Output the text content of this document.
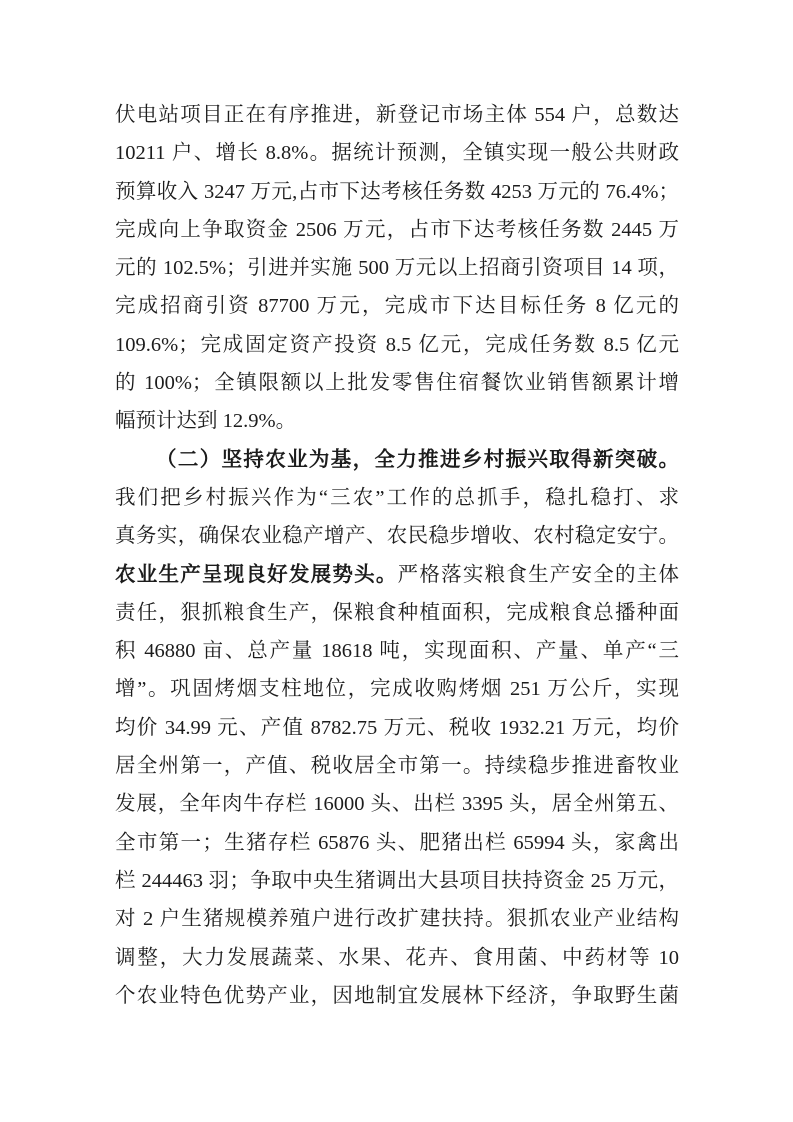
伏电站项目正在有序推进，新登记市场主体 554 户，总数达
10211 户、增长 8.8%。据统计预测，全镇实现一般公共财政
预算收入 3247 万元,占市下达考核任务数 4253 万元的 76.4%；
完成向上争取资金 2506 万元，占市下达考核任务数 2445 万
元的 102.5%；引进并实施 500 万元以上招商引资项目 14 项，
完成招商引资 87700 万元，完成市下达目标任务 8 亿元的
109.6%；完成固定资产投资 8.5 亿元，完成任务数 8.5 亿元
的 100%；全镇限额以上批发零售住宿餐饮业销售额累计增
幅预计达到 12.9%。
（二）坚持农业为基，全力推进乡村振兴取得新突破。
我们把乡村振兴作为“三农”工作的总抓手，稳扎稳打、求
真务实，确保农业稳产增产、农民稳步增收、农村稳定安宁。
农业生产呈现良好发展势头。严格落实粮食生产安全的主体
责任，狠抓粮食生产，保粮食种植面积，完成粮食总播种面
积 46880 亩、总产量 18618 吨，实现面积、产量、单产“三
增”。巩固烤烟支柱地位，完成收购烤烟 251 万公斤，实现
均价 34.99 元、产值 8782.75 万元、税收 1932.21 万元，均价
居全州第一，产值、税收居全市第一。持续稳步推进畜牧业
发展，全年肉牛存栏 16000 头、出栏 3395 头，居全州第五、
全市第一；生猪存栏 65876 头、肥猪出栏 65994 头，家禽出
栏 244463 羽；争取中央生猪调出大县项目扶持资金 25 万元，
对 2 户生猪规模养殖户进行改扩建扶持。狠抓农业产业结构
调整，大力发展蔬菜、水果、花卉、食用菌、中药材等 10
个农业特色优势产业，因地制宜发展林下经济，争取野生菌
